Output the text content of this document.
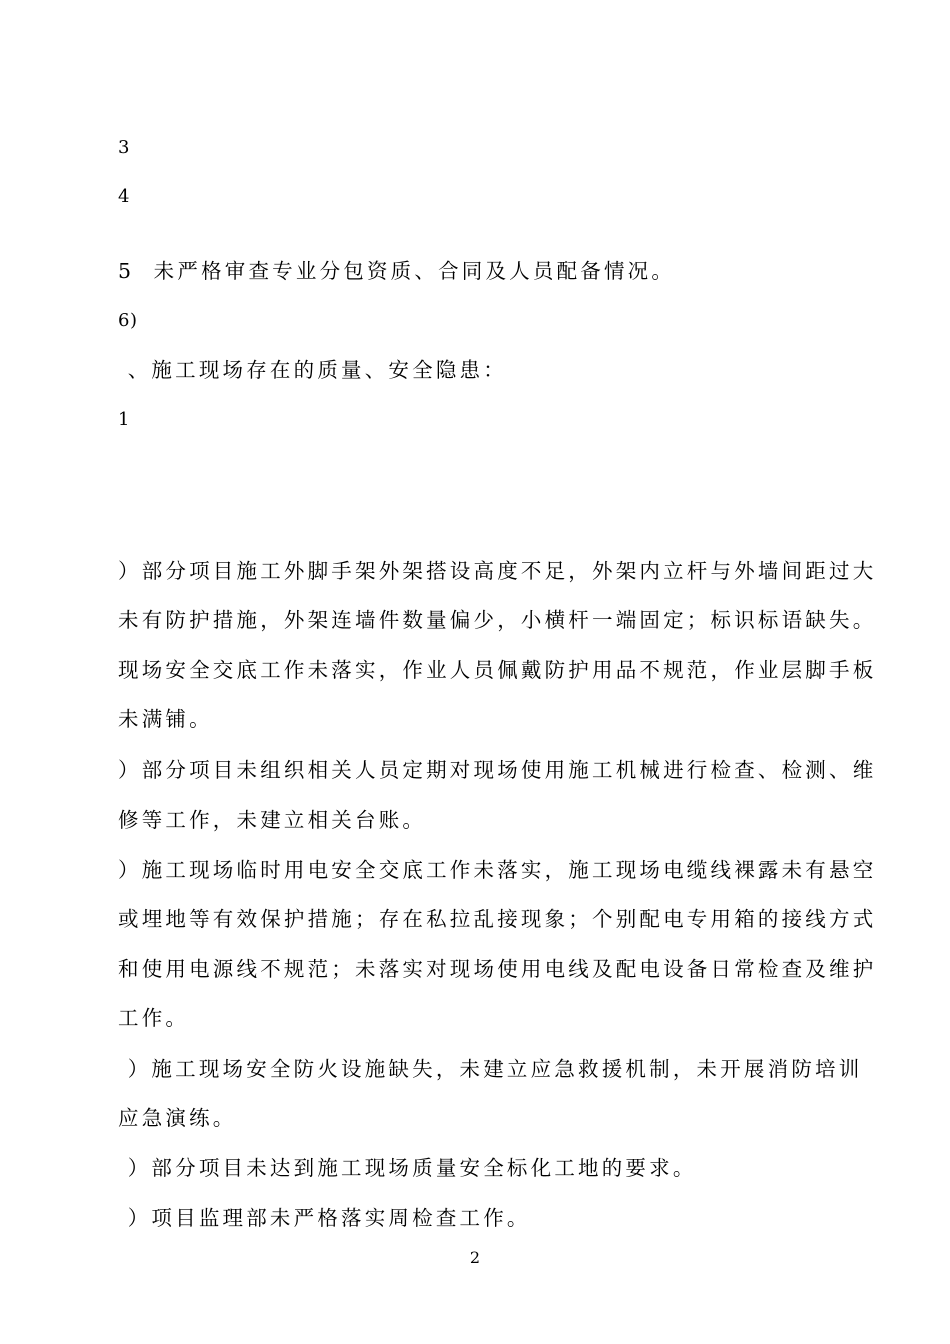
3

4

5  未严格审查专业分包资质、合同及人员配备情况。
6)
、施工现场存在的质量、安全隐患：
1
）部分项目施工外脚手架外架搭设高度不足，外架内立杆与外墙间距过大
未有防护措施，外架连墙件数量偏少，小横杆一端固定；标识标语缺失。
现场安全交底工作未落实，作业人员佩戴防护用品不规范，作业层脚手板
未满铺。
）部分项目未组织相关人员定期对现场使用施工机械进行检查、检测、维
修等工作，未建立相关台账。
）施工现场临时用电安全交底工作未落实，施工现场电缆线裸露未有悬空
或埋地等有效保护措施；存在私拉乱接现象；个别配电专用箱的接线方式
和使用电源线不规范；未落实对现场使用电线及配电设备日常检查及维护
工作。
）施工现场安全防火设施缺失，未建立应急救援机制，未开展消防培训
应急演练。
）部分项目未达到施工现场质量安全标化工地的要求。
）项目监理部未严格落实周检查工作。
2
